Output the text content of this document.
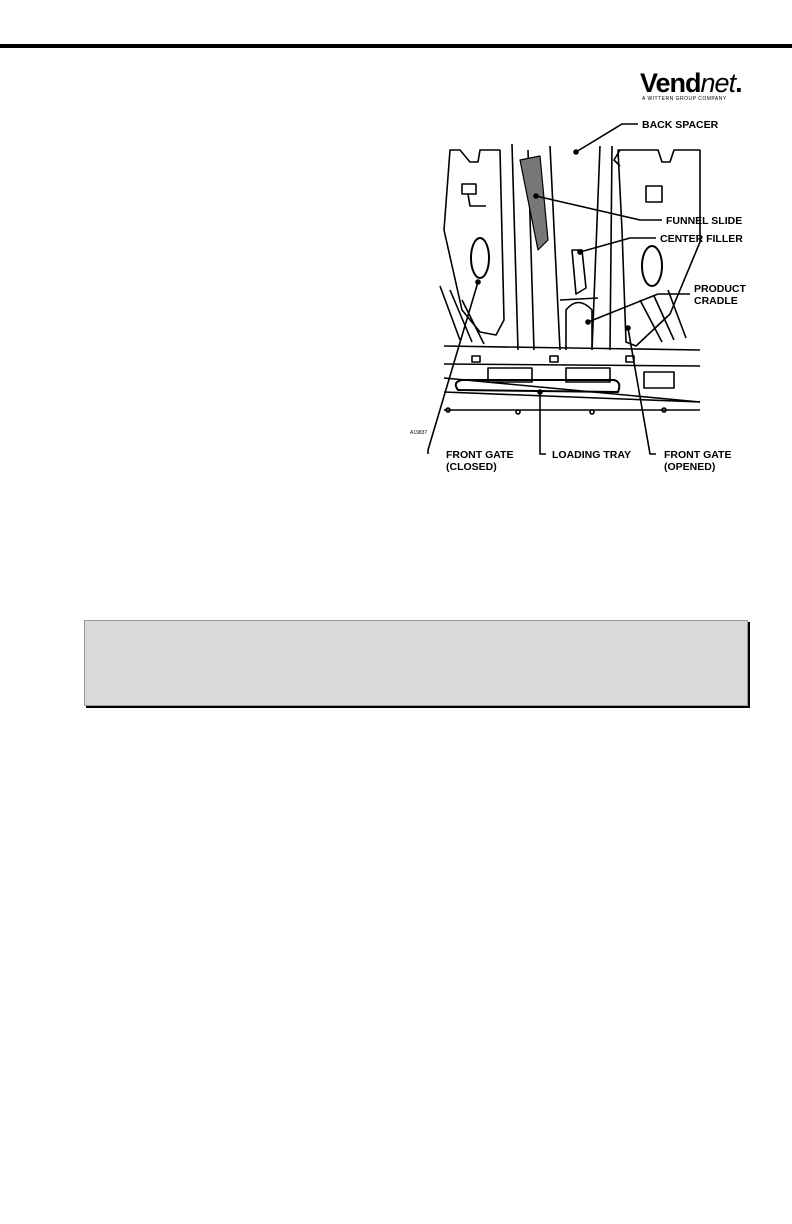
Vendnet.
A WITTERN GROUP COMPANY
A19837
BACK SPACER
FUNNEL SLIDE
CENTER FILLER
PRODUCT
CRADLE
FRONT GATE
(CLOSED)
LOADING TRAY	FRONT GATE
(OPENED)
